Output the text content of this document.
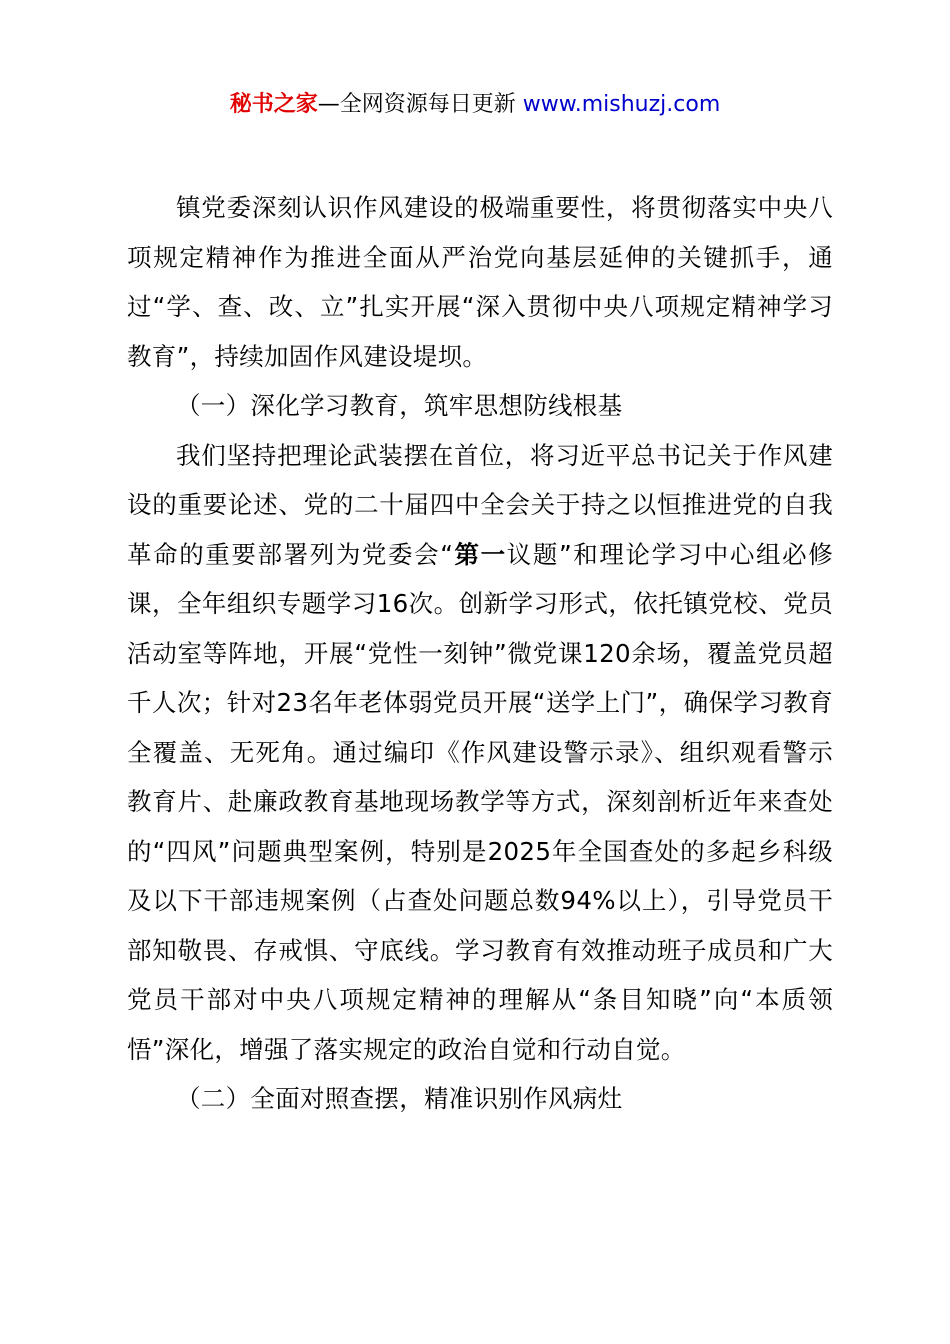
秘书之家—全网资源每日更新 www.mishuzj.com

镇党委深刻认识作风建设的极端重要性，将贯彻落实中央八项规定精神作为推进全面从严治党向基层延伸的关键抓手，通过“学、查、改、立”扎实开展“深入贯彻中央八项规定精神学习教育”，持续加固作风建设堤坝。

（一）深化学习教育，筑牢思想防线根基

我们坚持把理论武装摆在首位，将习近平总书记关于作风建设的重要论述、党的二十届四中全会关于持之以恒推进党的自我革命的重要部署列为党委会“第一议题”和理论学习中心组必修课，全年组织专题学习16次。创新学习形式，依托镇党校、党员活动室等阵地，开展“党性一刻钟”微党课120余场，覆盖党员超千人次；针对23名年老体弱党员开展“送学上门”，确保学习教育全覆盖、无死角。通过编印《作风建设警示录》、组织观看警示教育片、赴廉政教育基地现场教学等方式，深刻剖析近年来查处的“四风”问题典型案例，特别是2025年全国查处的多起乡科级及以下干部违规案例（占查处问题总数94%以上），引导党员干部知敬畏、存戒惧、守底线。学习教育有效推动班子成员和广大党员干部对中央八项规定精神的理解从“条目知晓”向“本质领悟”深化，增强了落实规定的政治自觉和行动自觉。

（二）全面对照查摆，精准识别作风病灶
